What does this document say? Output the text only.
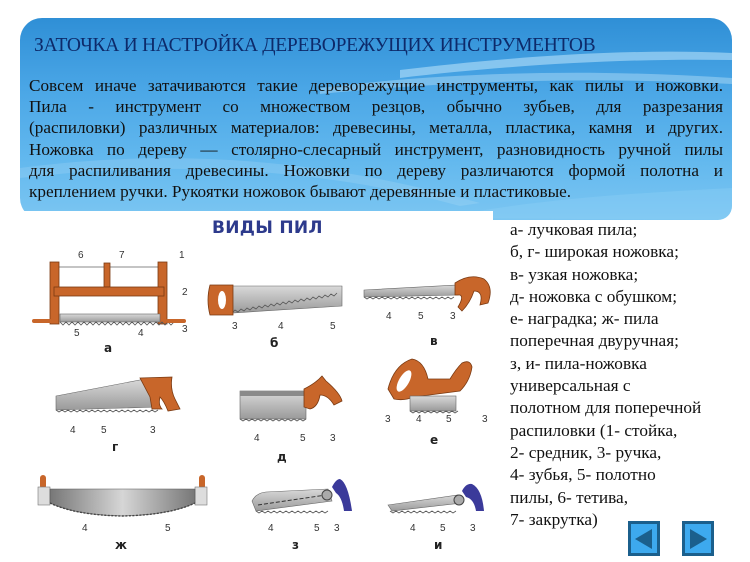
ЗАТОЧКА И НАСТРОЙКА ДЕРЕВОРЕЖУЩИХ ИНСТРУМЕНТОВ

Совсем иначе затачиваются такие дереворежущие инструменты, как пилы и ножовки.

Пила - инструмент со множеством резцов, обычно зубьев, для разрезания

(распиловки) различных материалов: древесины, металла, пластика, камня и других.

Ножовка по дереву — столярно-слесарный инструмент, разновидность ручной пилы

для распиливания древесины. Ножовки по дереву различаются формой полотна и

креплением ручки. Рукоятки ножовок бывают деревянные и пластиковые.

ВИДЫ ПИЛ
6	7	1
2
3
5	4
а
3	4	5
б
4	5	3
в
4	5	3
г
4	5 3
д
3	4 5	3
е
4	5
ж
4	5 3
з
4 5 3
и
а- лучковая пила;
б, г- широкая ножовка;
в- узкая ножовка;
д- ножовка с обушком;
е- наградка; ж- пила
поперечная двуручная;
з, и- пила-ножовка
универсальная с
полотном для поперечной
распиловки (1- стойка,
2- средник, 3- ручка,
4- зубья, 5- полотно
пилы, 6- тетива,
7- закрутка)
